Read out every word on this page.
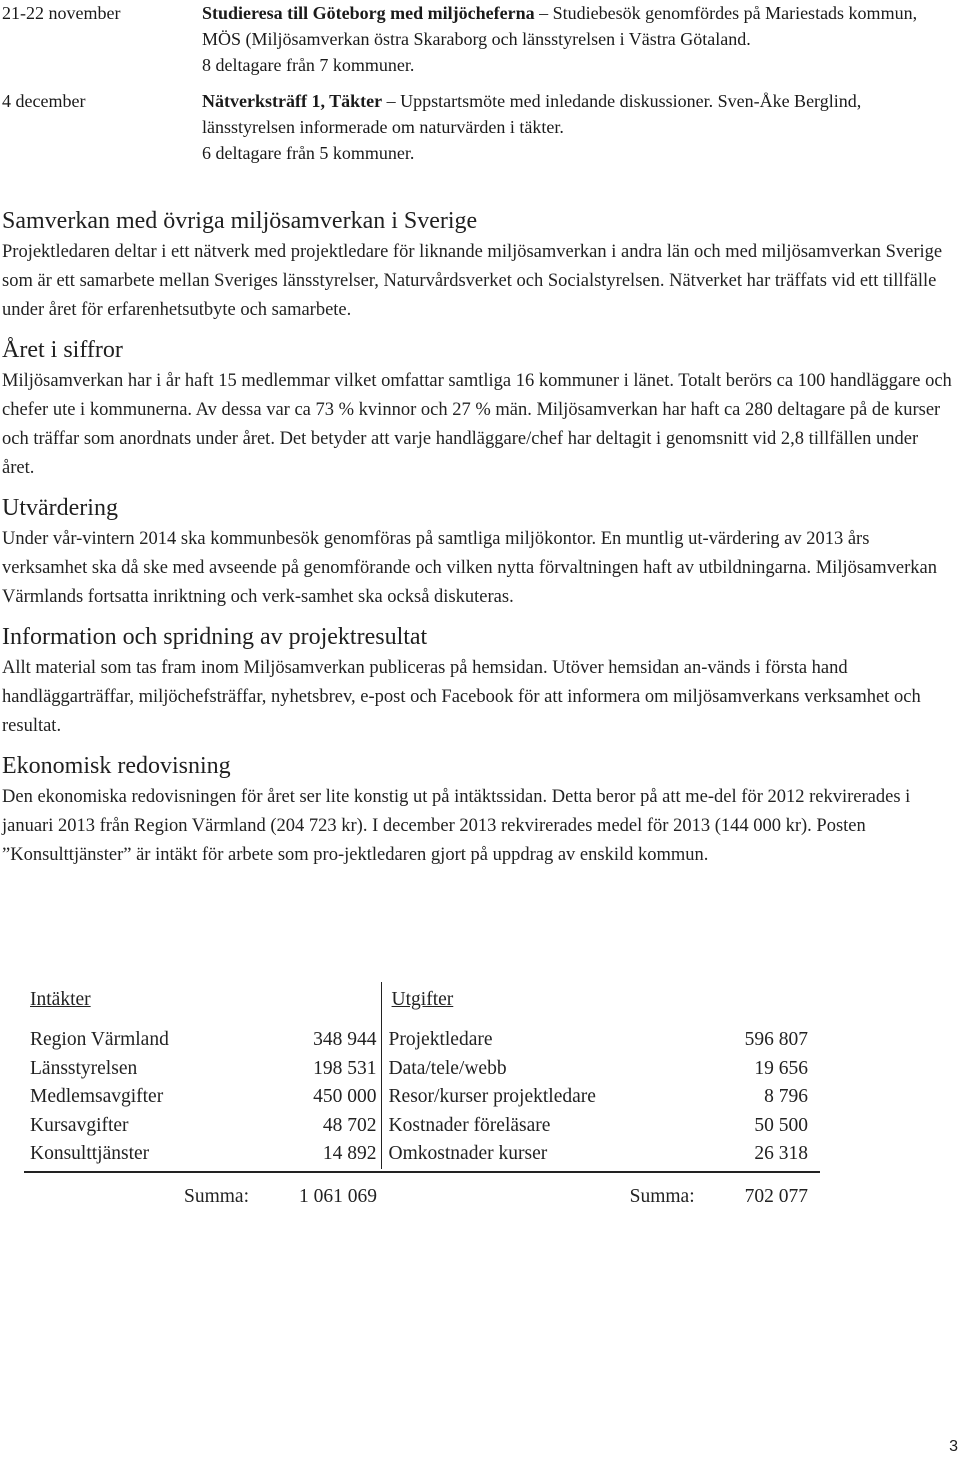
21-22 november	Studieresa till Göteborg med miljöcheferna – Studiebesök genomfördes på Mariestads kommun, MÖS (Miljösamverkan östra Skaraborg och länsstyrelsen i Västra Götaland.
8 deltagare från 7 kommuner.
4 december	Nätverksträff 1, Täkter – Uppstartsmöte med inledande diskussioner. Sven-Åke Berglind, länsstyrelsen informerade om naturvärden i täkter.
6 deltagare från 5 kommuner.
Samverkan med övriga miljösamverkan i Sverige

Projektledaren deltar i ett nätverk med projektledare för liknande miljösamverkan i andra län och med miljösamverkan Sverige som är ett samarbete mellan Sveriges länsstyrelser, Naturvårdsverket och Socialstyrelsen. Nätverket har träffats vid ett tillfälle under året för erfarenhetsutbyte och samarbete.

Året i siffror

Miljösamverkan har i år haft 15 medlemmar vilket omfattar samtliga 16 kommuner i länet. Totalt berörs ca 100 handläggare och chefer ute i kommunerna. Av dessa var ca 73 % kvinnor och 27 % män. Miljösamverkan har haft ca 280 deltagare på de kurser och träffar som anordnats under året. Det betyder att varje handläggare/chef har deltagit i genomsnitt vid 2,8 tillfällen under året.

Utvärdering

Under vår-vintern 2014 ska kommunbesök genomföras på samtliga miljökontor. En muntlig ut-värdering av 2013 års verksamhet ska då ske med avseende på genomförande och vilken nytta förvaltningen haft av utbildningarna. Miljösamverkan Värmlands fortsatta inriktning och verk-samhet ska också diskuteras.

Information och spridning av projektresultat

Allt material som tas fram inom Miljösamverkan publiceras på hemsidan. Utöver hemsidan an-vänds i första hand handläggarträffar, miljöchefsträffar, nyhetsbrev, e-post och Facebook för att informera om miljösamverkans verksamhet och resultat.

Ekonomisk redovisning

Den ekonomiska redovisningen för året ser lite konstig ut på intäktssidan. Detta beror på att me-del för 2012 rekvirerades i januari 2013 från Region Värmland (204 723 kr). I december 2013 rekvirerades medel för 2013 (144 000 kr). Posten ”Konsulttjänster” är intäkt för arbete som pro-jektledaren gjort på uppdrag av enskild kommun.

Intäkter
Region Värmland	348 944
Länsstyrelsen	198 531
Medlemsavgifter	450 000
Kursavgifter	48 702
Konsulttjänster	14 892
Utgifter
Projektledare	596 807
Data/tele/webb	19 656
Resor/kurser projektledare	8 796
Kostnader föreläsare	50 500
Omkostnader kurser	26 318
Summa:	1 061 069	Summa:	702 077
3
